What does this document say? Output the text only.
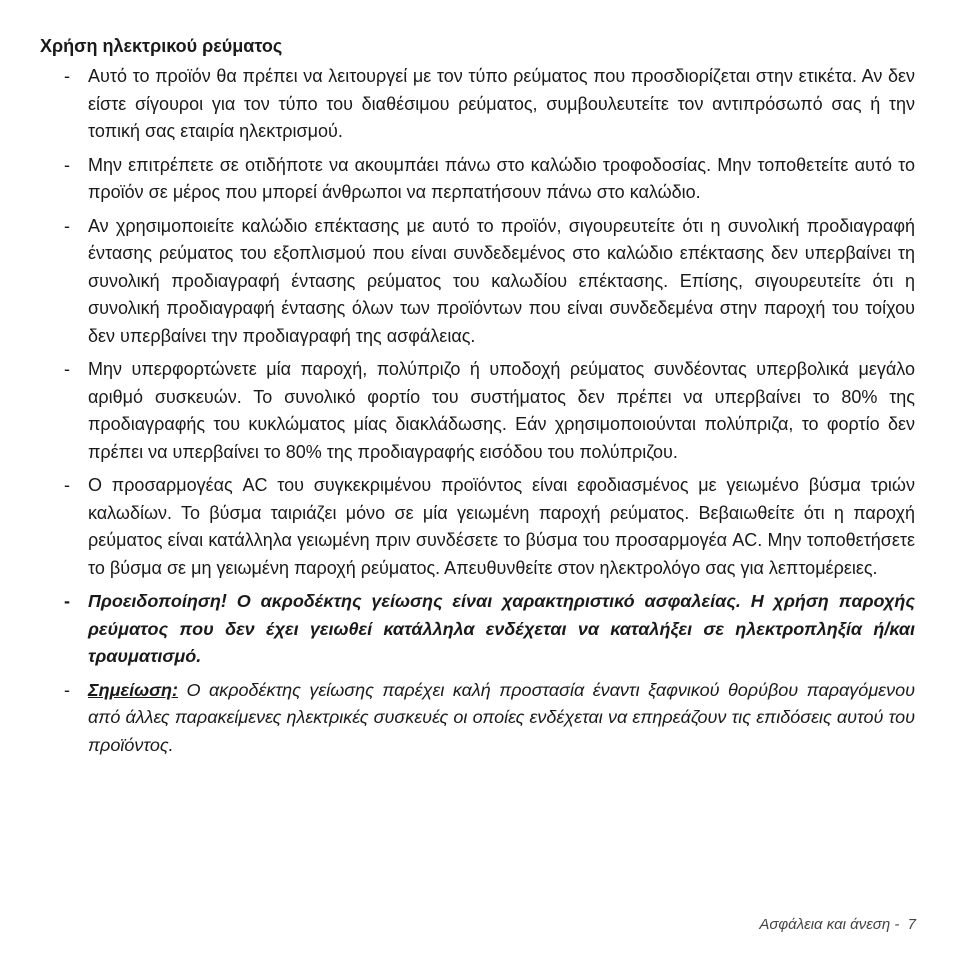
Χρήση ηλεκτρικού ρεύματος
- Αυτό το προϊόν θα πρέπει να λειτουργεί με τον τύπο ρεύματος που προσδιορίζεται στην ετικέτα. Αν δεν είστε σίγουροι για τον τύπο του διαθέσιμου ρεύματος, συμβουλευτείτε τον αντιπρόσωπό σας ή την τοπική σας εταιρία ηλεκτρισμού.
- Μην επιτρέπετε σε οτιδήποτε να ακουμπάει πάνω στο καλώδιο τροφοδοσίας. Μην τοποθετείτε αυτό το προϊόν σε μέρος που μπορεί άνθρωποι να περπατήσουν πάνω στο καλώδιο.
- Αν χρησιμοποιείτε καλώδιο επέκτασης με αυτό το προϊόν, σιγουρευτείτε ότι η συνολική προδιαγραφή έντασης ρεύματος του εξοπλισμού που είναι συνδεδεμένος στο καλώδιο επέκτασης δεν υπερβαίνει τη συνολική προδιαγραφή έντασης ρεύματος του καλωδίου επέκτασης. Επίσης, σιγουρευτείτε ότι η συνολική προδιαγραφή έντασης όλων των προϊόντων που είναι συνδεδεμένα στην παροχή του τοίχου δεν υπερβαίνει την προδιαγραφή της ασφάλειας.
- Μην υπερφορτώνετε μία παροχή, πολύπριζο ή υποδοχή ρεύματος συνδέοντας υπερβολικά μεγάλο αριθμό συσκευών. Το συνολικό φορτίο του συστήματος δεν πρέπει να υπερβαίνει το 80% της προδιαγραφής του κυκλώματος μίας διακλάδωσης. Εάν χρησιμοποιούνται πολύπριζα, το φορτίο δεν πρέπει να υπερβαίνει το 80% της προδιαγραφής εισόδου του πολύπριζου.
- Ο προσαρμογέας AC του συγκεκριμένου προϊόντος είναι εφοδιασμένος με γειωμένο βύσμα τριών καλωδίων. Το βύσμα ταιριάζει μόνο σε μία γειωμένη παροχή ρεύματος. Βεβαιωθείτε ότι η παροχή ρεύματος είναι κατάλληλα γειωμένη πριν συνδέσετε το βύσμα του προσαρμογέα AC. Μην τοποθετήσετε το βύσμα σε μη γειωμένη παροχή ρεύματος. Απευθυνθείτε στον ηλεκτρολόγο σας για λεπτομέρειες.
- Προειδοποίηση! Ο ακροδέκτης γείωσης είναι χαρακτηριστικό ασφαλείας. Η χρήση παροχής ρεύματος που δεν έχει γειωθεί κατάλληλα ενδέχεται να καταλήξει σε ηλεκτροπληξία ή/και τραυματισμό.
- Σημείωση: Ο ακροδέκτης γείωσης παρέχει καλή προστασία έναντι ξαφνικού θορύβου παραγόμενου από άλλες παρακείμενες ηλεκτρικές συσκευές οι οποίες ενδέχεται να επηρεάζουν τις επιδόσεις αυτού του προϊόντος.
Ασφάλεια και άνεση -  7
